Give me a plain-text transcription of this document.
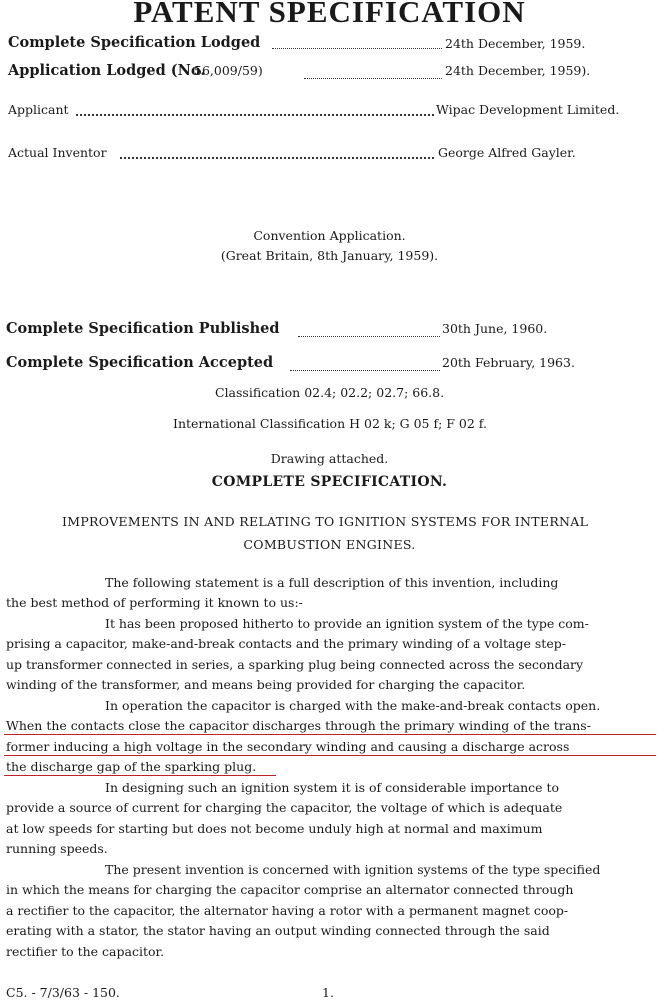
PATENT SPECIFICATION
Complete Specification Lodged	24th December, 1959.
Application Lodged (No.
56,009/59)	24th December, 1959).
Applicant	Wipac Development Limited.
Actual Inventor	George Alfred Gayler.
Convention Application.
(Great Britain, 8th January, 1959).
Complete Specification Published	30th June, 1960.
Complete Specification Accepted	20th February, 1963.
Classification 02.4; 02.2; 02.7; 66.8.
International Classification H 02 k; G 05 f; F 02 f.
Drawing attached.
COMPLETE SPECIFICATION.
IMPROVEMENTS IN AND RELATING TO IGNITION SYSTEMS FOR INTERNAL
COMBUSTION ENGINES.
The following statement is a full description of this invention, including
the best method of performing it known to us:-
It has been proposed hitherto to provide an ignition system of the type com-
prising a capacitor, make-and-break contacts and the primary winding of a voltage step-
up transformer connected in series, a sparking plug being connected across the secondary
winding of the transformer, and means being provided for charging the capacitor.
In operation the capacitor is charged with the make-and-break contacts open.
When the contacts close the capacitor discharges through the primary winding of the trans-
former inducing a high voltage in the secondary winding and causing a discharge across
the discharge gap of the sparking plug.
In designing such an ignition system it is of considerable importance to
provide a source of current for charging the capacitor, the voltage of which is adequate
at low speeds for starting but does not become unduly high at normal and maximum
running speeds.
The present invention is concerned with ignition systems of the type specified
in which the means for charging the capacitor comprise an alternator connected through
a rectifier to the capacitor, the alternator having a rotor with a permanent magnet coop-
erating with a stator, the stator having an output winding connected through the said
rectifier to the capacitor.
C5. - 7/3/63 - 150.	1.
